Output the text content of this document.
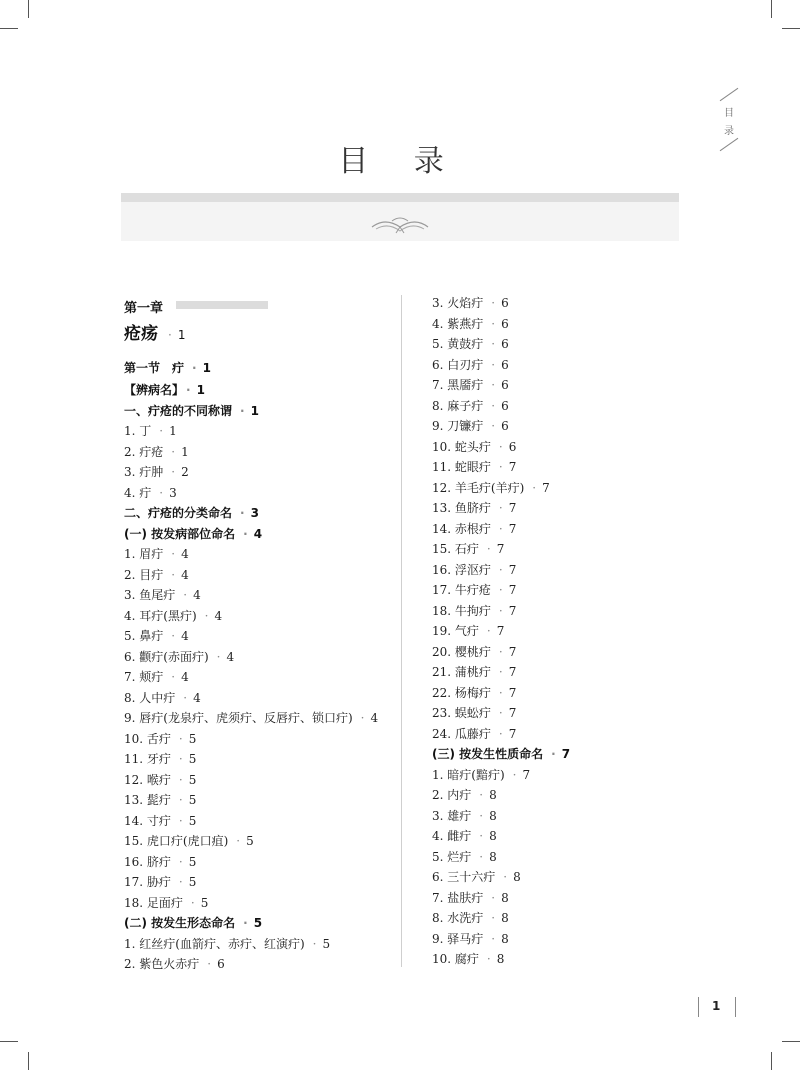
目
录
目 录
第一章
疮疡 · 1
第一节　疔 · 1
【辨病名】 · 1
一、疔疮的不同称谓 · 1
1. 丁 · 1
2. 疔疮 · 1
3. 疔肿 · 2
4. 疔 · 3
二、疔疮的分类命名 · 3
(一) 按发病部位命名 · 4
1. 眉疔 · 4
2. 目疔 · 4
3. 鱼尾疔 · 4
4. 耳疔(黑疔) · 4
5. 鼻疔 · 4
6. 颧疔(赤面疔) · 4
7. 颊疔 · 4
8. 人中疔 · 4
9. 唇疔(龙泉疔、虎须疔、反唇疔、锁口疔) · 4
10. 舌疔 · 5
11. 牙疔 · 5
12. 喉疔 · 5
13. 髭疔 · 5
14. 寸疔 · 5
15. 虎口疔(虎口疽) · 5
16. 脐疔 · 5
17. 胁疔 · 5
18. 足面疔 · 5
(二) 按发生形态命名 · 5
1. 红丝疔(血箭疔、赤疔、红演疔) · 5
2. 紫色火赤疔 · 6
3. 火焰疔 · 6
4. 紫燕疔 · 6
5. 黄鼓疔 · 6
6. 白刃疔 · 6
7. 黑靥疔 · 6
8. 麻子疔 · 6
9. 刀镰疔 · 6
10. 蛇头疔 · 6
11. 蛇眼疔 · 7
12. 羊毛疔(羊疔) · 7
13. 鱼脐疔 · 7
14. 赤根疔 · 7
15. 石疔 · 7
16. 浮沤疔 · 7
17. 牛疔疮 · 7
18. 牛拘疔 · 7
19. 气疔 · 7
20. 樱桃疔 · 7
21. 蒲桃疔 · 7
22. 杨梅疔 · 7
23. 蜈蚣疔 · 7
24. 瓜藤疔 · 7
(三) 按发生性质命名 · 7
1. 暗疔(黯疔) · 7
2. 内疔 · 8
3. 雄疔 · 8
4. 雌疔 · 8
5. 烂疔 · 8
6. 三十六疔 · 8
7. 盐肤疔 · 8
8. 水洗疔 · 8
9. 驿马疔 · 8
10. 腐疔 · 8
1
